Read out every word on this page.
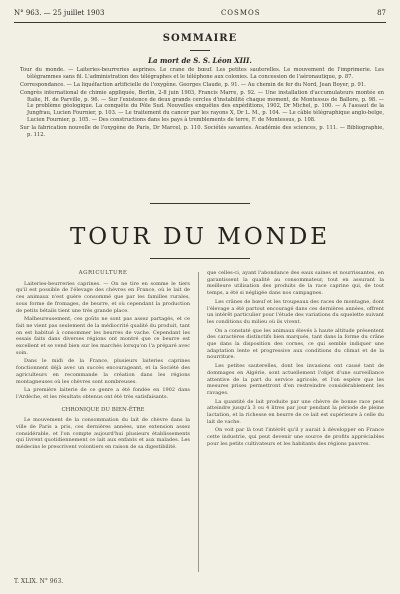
N° 963. — 25 juillet 1903	COSMOS	87
SOMMAIRE
La mort de S. S. Léon XIII.

Tour du monde. — Laiteries-beurreries asprines. Le crane de bœuf. Les petites sauterelles. Le mouvement de l'imprimerie. Les télégrammes sans fil. L'administration des télégraphes et le téléphone aux colonies. La concession de l'aéronautique, p. 87.

Correspondance. — La liquéfaction artificielle de l'oxygène. Georges Claude, p. 91. — Au chemin de fer du Nord, Jean Boyer, p. 91.

Congrès international de chimie appliquée, Berlin, 2-8 juin 1903, Francis Marre, p. 92. — Une installation d'accumulateurs montée en Italie, H. de Parville, p. 96. — Sur l'existence de deux grands cercles d'instabilité chaque moment, de Montessus de Ballore, p. 98. — Le problème géologique. La conquête du Pôle Sud. Nouvelles enquêtes des expéditions, 1902, Dr Michel, p. 100. — A l'assaut de la Jungfrau, Lucien Fournier, p. 103. — Le traitement du cancer par les rayons X, Dr L. M., p. 104. — Le câble télégraphique anglo-belge, Lucien Fournier, p. 105. — Des constructions dans les pays à tremblements de terre, F. de Montessus, p. 108.

Sur la fabrication nouvelle de l'oxygène de Paris, Dr Marcel, p. 110. Sociétés savantes. Académie des sciences, p. 111. — Bibliographie, p. 112.

TOUR DU MONDE

AGRICULTURE

Laiteries-beurreries caprines. — On ne tire en somme le tiers qu'il est possible de l'élevage des chèvres en France, où le lait de ces animaux n'est guère consommé que par les familles rurales, sous forme de fromages, de beurre, et où cependant la production de petits bétails tient une très grande place.

Malheureusement, ces goûts ne sont pas assez partagés, et ce fait ne vient pas seulement de la médiocrité qualité du produit, tant on est habitué à consommer les beurres de vache. Cependant les essais faits dans diverses régions ont montré que ce beurre est excellent et se vend bien sur les marchés lorsqu'on l'a préparé avec soin.

Dans le midi de la France, plusieurs laiteries caprines fonctionnent déjà avec un succès encourageant, et la Société des agriculteurs en recommande la création dans les régions montagneuses où les chèvres sont nombreuses.

La première laiterie de ce genre a été fondée en 1902 dans l'Ardèche, et les résultats obtenus ont été très satisfaisants.

CHRONIQUE DU BIEN-ÊTRE

Le mouvement de la consommation du lait de chèvre dans la ville de Paris a pris, ces dernières années, une extension assez considérable, et l'on compte aujourd'hui plusieurs établissements qui livrent quotidiennement ce lait aux enfants et aux malades. Les médecins le prescrivent volontiers en raison de sa digestibilité.

que celles-ci, ayant l'abondance des eaux saines et nourrissantes, en garantissent la qualité au consommateur, tout en assurant la meilleure utilisation des produits de la race caprine qui, de tout temps, a été si négligée dans nos campagnes.

Les crânes de bœuf et les troupeaux des races de montagne, dont l'élevage a été partout encouragé dans ces dernières années, offrent un intérêt particulier pour l'étude des variations du squelette suivant les conditions du milieu où ils vivent.

On a constaté que les animaux élevés à haute altitude présentent des caractères distinctifs bien marqués, tant dans la forme du crâne que dans la disposition des cornes, ce qui semble indiquer une adaptation lente et progressive aux conditions du climat et de la nourriture.

Les petites sauterelles, dont les invasions ont causé tant de dommages en Algérie, sont actuellement l'objet d'une surveillance attentive de la part du service agricole, et l'on espère que les mesures prises permettront d'en restreindre considérablement les ravages.

La quantité de lait produite par une chèvre de bonne race peut atteindre jusqu'à 3 ou 4 litres par jour pendant la période de pleine lactation, et la richesse en beurre de ce lait est supérieure à celle du lait de vache.

On voit par là tout l'intérêt qu'il y aurait à développer en France cette industrie, qui peut devenir une source de profits appréciables pour les petits cultivateurs et les habitants des régions pauvres.

T. XLIX. N° 963.
